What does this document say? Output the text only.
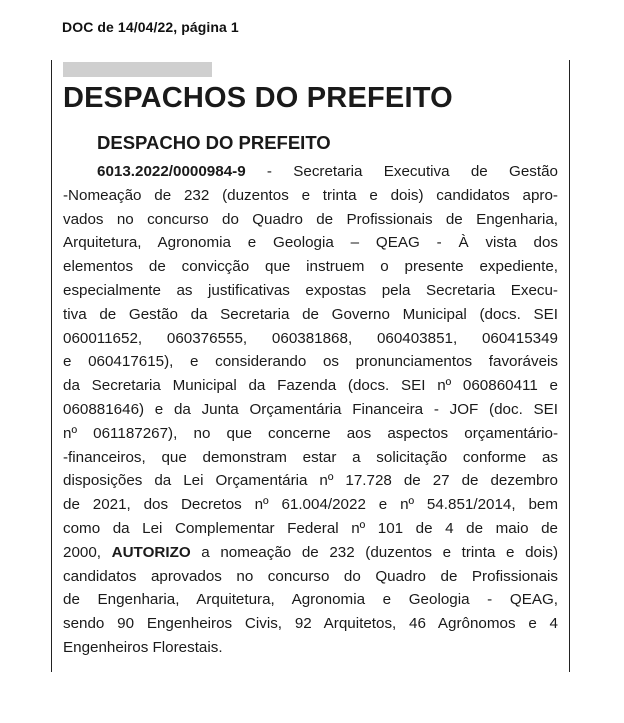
DOC de 14/04/22, página 1
DESPACHOS DO PREFEITO
DESPACHO DO PREFEITO
6013.2022/0000984-9 - Secretaria Executiva de Gestão
-Nomeação de 232 (duzentos e trinta e dois) candidatos apro-
vados no concurso do Quadro de Profissionais de Engenharia,
Arquitetura, Agronomia e Geologia – QEAG - À vista dos
elementos de convicção que instruem o presente expediente,
especialmente as justificativas expostas pela Secretaria Execu-
tiva de Gestão da Secretaria de Governo Municipal (docs. SEI
060011652, 060376555, 060381868, 060403851, 060415349
e 060417615), e considerando os pronunciamentos favoráveis
da Secretaria Municipal da Fazenda (docs. SEI nº 060860411 e
060881646) e da Junta Orçamentária Financeira - JOF (doc. SEI
nº 061187267), no que concerne aos aspectos orçamentário-
-financeiros, que demonstram estar a solicitação conforme as
disposições da Lei Orçamentária nº 17.728 de 27 de dezembro
de 2021, dos Decretos nº 61.004/2022 e nº 54.851/2014, bem
como da Lei Complementar Federal nº 101 de 4 de maio de
2000, AUTORIZO a nomeação de 232 (duzentos e trinta e dois)
candidatos aprovados no concurso do Quadro de Profissionais
de Engenharia, Arquitetura, Agronomia e Geologia - QEAG,
sendo 90 Engenheiros Civis, 92 Arquitetos, 46 Agrônomos e 4
Engenheiros Florestais.
